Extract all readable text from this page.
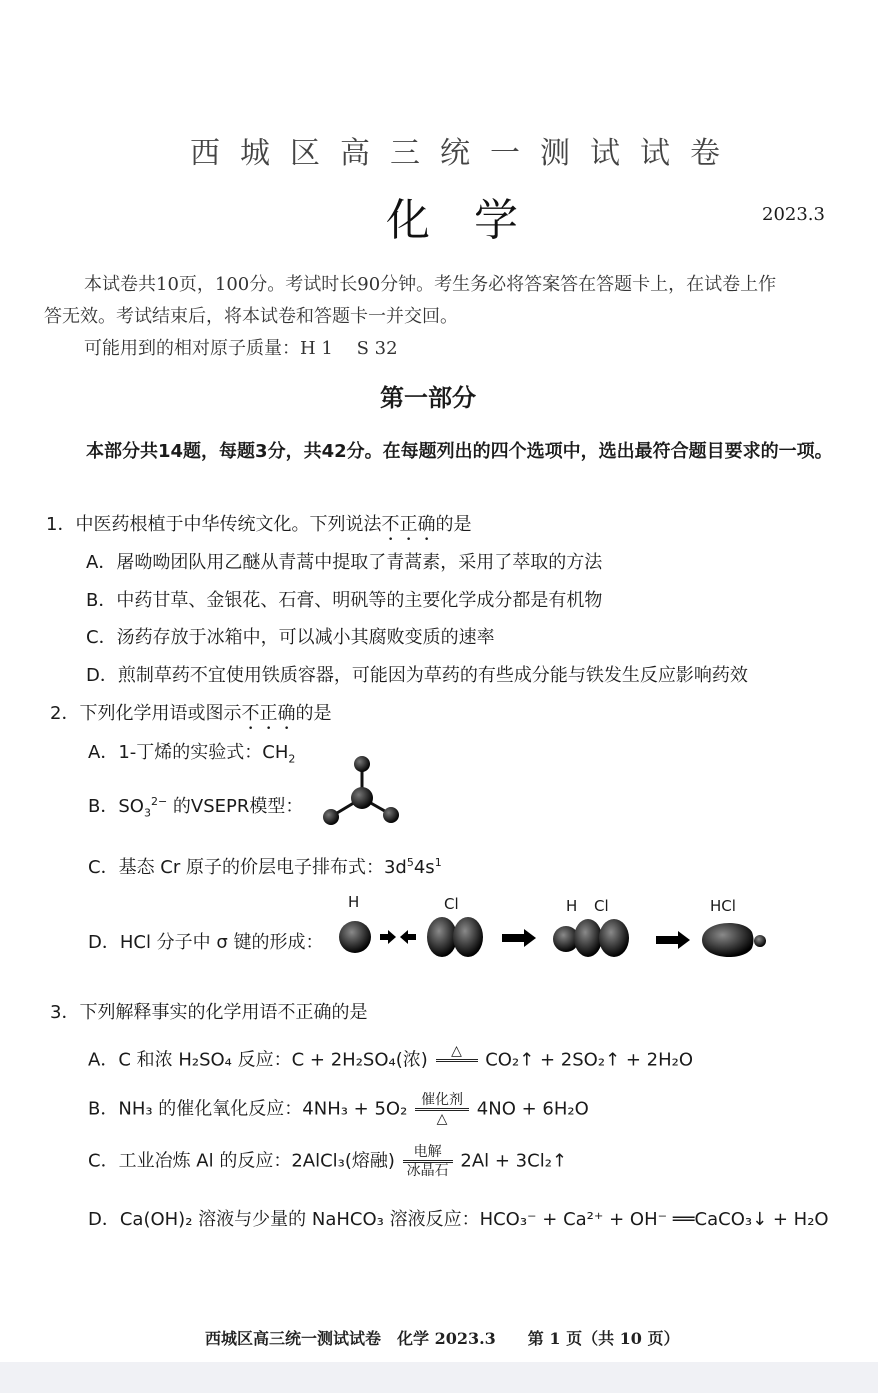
西城区高三统一测试试卷
化学	2023.3
本试卷共10页，100分。考试时长90分钟。考生务必将答案答在答题卡上，在试卷上作
答无效。考试结束后，将本试卷和答题卡一并交回。
可能用到的相对原子质量：H 1　 S 32
第一部分
本部分共14题，每题3分，共42分。在每题列出的四个选项中，选出最符合题目要求的一项。
1．中医药根植于中华传统文化。下列说法不正确的是
A．屠呦呦团队用乙醚从青蒿中提取了青蒿素，采用了萃取的方法
B．中药甘草、金银花、石膏、明矾等的主要化学成分都是有机物
C．汤药存放于冰箱中，可以减小其腐败变质的速率
D．煎制草药不宜使用铁质容器，可能因为草药的有些成分能与铁发生反应影响药效
2．下列化学用语或图示不正确的是
A．1-丁烯的实验式：$CH_2$
B．$SO_3^{2-}$ 的VSEPR模型：
C．基态 Cr 原子的价层电子排布式：$3d^54s^1$
D．HCl 分子中 σ 键的形成：
H	Cl	H Cl	HCl
3．下列解释事实的化学用语不正确的是
A．C 和浓 H₂SO₄ 反应：C + 2H₂SO₄(浓)	△
	CO₂↑ + 2SO₂↑ + 2H₂O
B．NH₃ 的催化氧化反应：$4NH_3 + 5O_2 \frac{\text{催化剂}}{\triangle} 4NO + 6H_2O$
C．工业冶炼 Al 的反应：2AlCl₃(熔融) $\frac{\text{电解}}{\text{冰晶石}} 2Al$ + 3Cl₂↑
D．Ca(OH)₂ 溶液与少量的 NaHCO₃ 溶液反应：HCO₃⁻ + Ca²⁺ + OH⁻ ══CaCO₃↓ + H₂O
西城区高三统一测试试卷　化学 2023.3　　第 1 页（共 10 页）
